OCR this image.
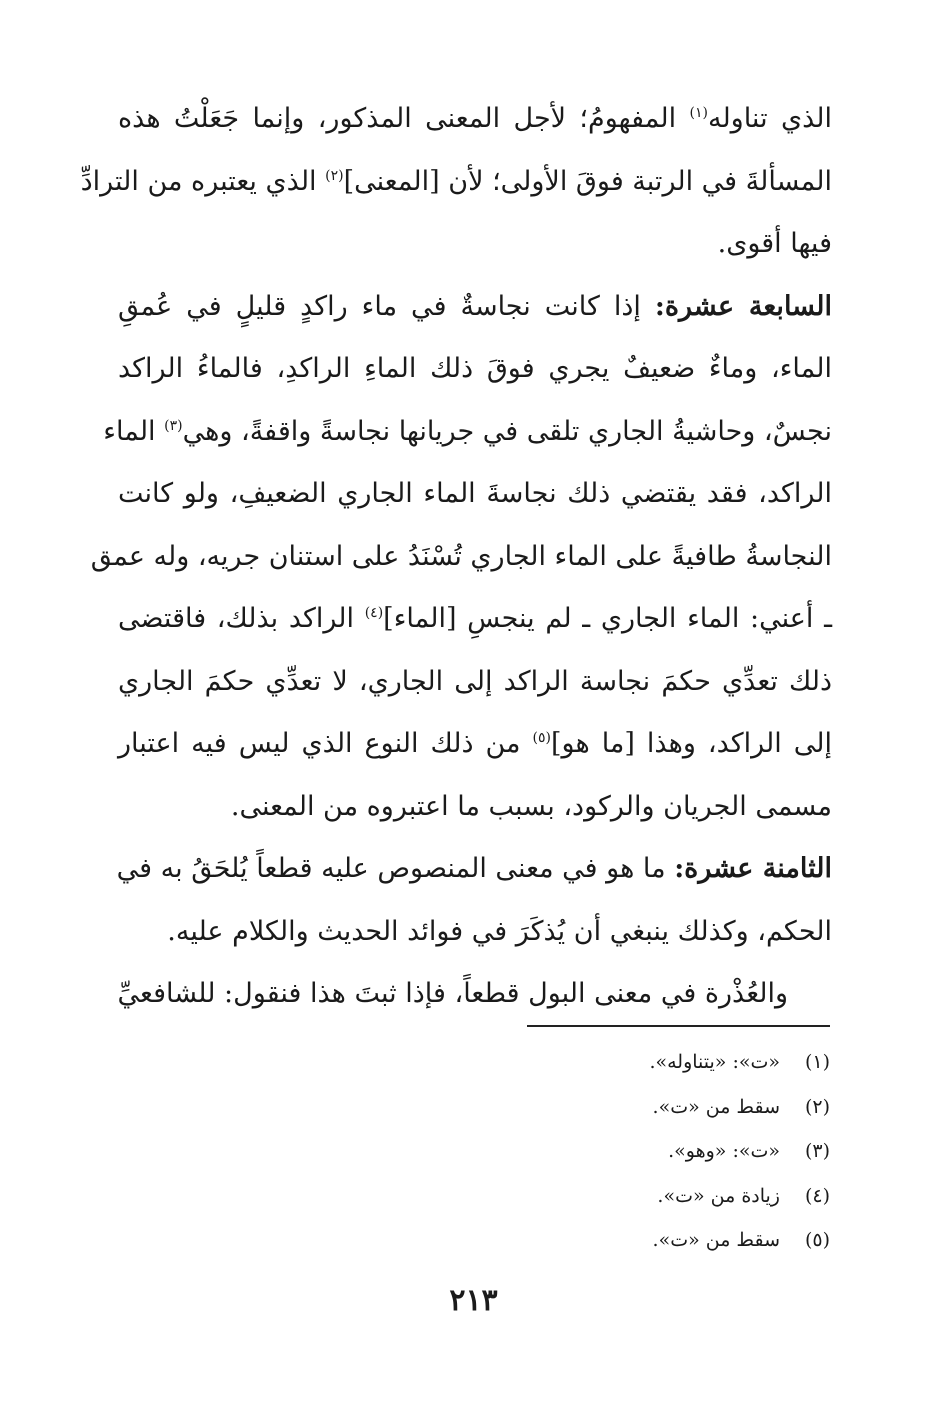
الذي تناوله$^{(١)}$ المفهومُ؛ لأجل المعنى المذكور، وإنما جَعَلْتُ هذه
المسألةَ في الرتبة فوقَ الأولى؛ لأن [المعنى]$^{(٢)}$ الذي يعتبره من الترادِّ
فيها أقوى.
السابعة عشرة: إذا كانت نجاسةٌ في ماء راكدٍ قليلٍ في عُمقِ
الماء، وماءٌ ضعيفٌ يجري فوقَ ذلك الماءِ الراكدِ، فالماءُ الراكد
نجسٌ، وحاشيةُ الجاري تلقى في جريانها نجاسةً واقفةً، وهي$^{(٣)}$ الماء
الراكد، فقد يقتضي ذلك نجاسةَ الماء الجاري الضعيفِ، ولو كانت
النجاسةُ طافيةً على الماء الجاري تُسْنَدُ على استنان جريه، وله عمق
ـ أعني: الماء الجاري ـ لم ينجسِ [الماء]$^{(٤)}$ الراكد بذلك، فاقتضى
ذلك تعدِّي حكمَ نجاسة الراكد إلى الجاري، لا تعدِّي حكمَ الجاري
إلى الراكد، وهذا [ما هو]$^{(٥)}$ من ذلك النوع الذي ليس فيه اعتبار
مسمى الجريان والركود، بسبب ما اعتبروه من المعنى.
الثامنة عشرة: ما هو في معنى المنصوص عليه قطعاً يُلحَقُ به في
الحكم، وكذلك ينبغي أن يُذكَرَ في فوائد الحديث والكلام عليه.
والعُذْرة في معنى البول قطعاً، فإذا ثبتَ هذا فنقول: للشافعيِّ
(١)
«ت»: «يتناوله».
(٢)
سقط من «ت».
(٣)
«ت»: «وهو».
(٤)
زيادة من «ت».
(٥)
سقط من «ت».
٢١٣
